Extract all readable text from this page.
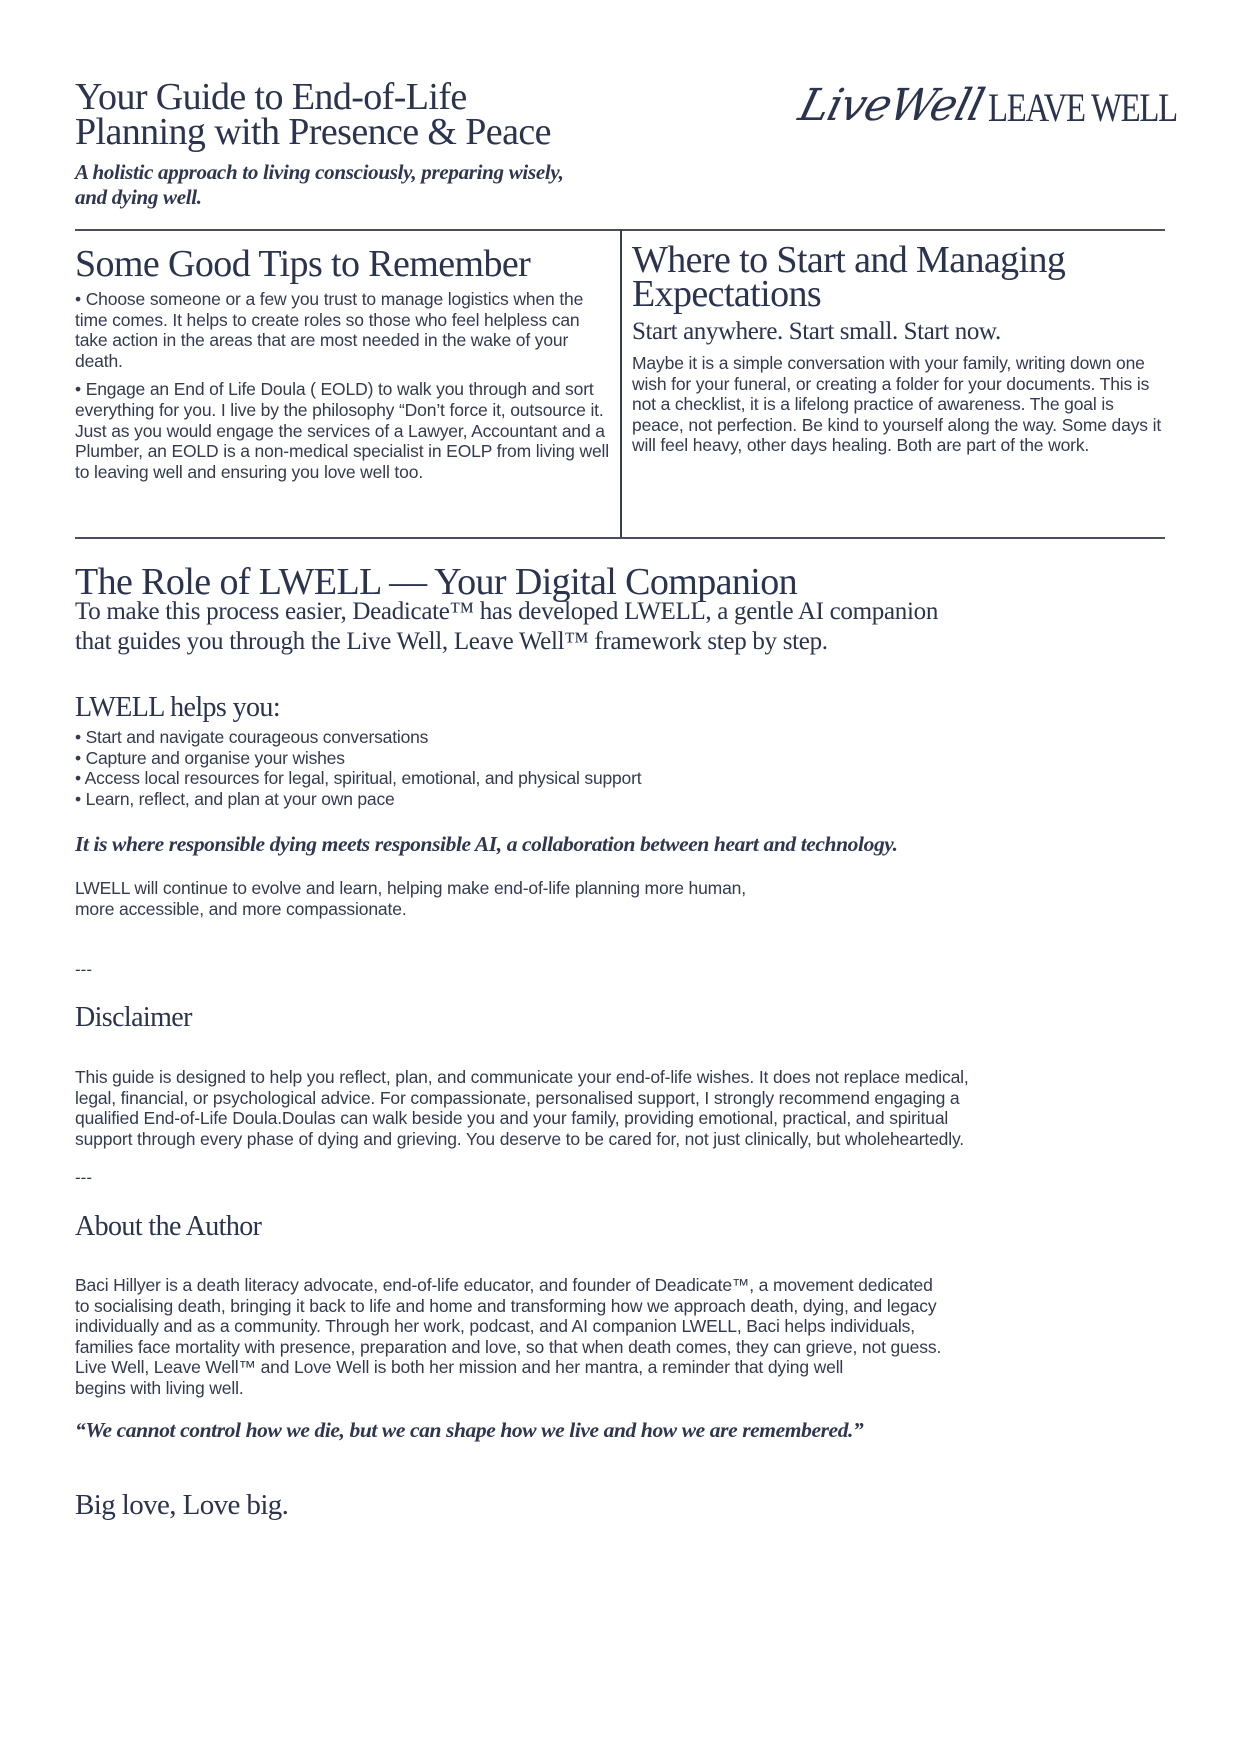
Your Guide to End-of-Life
Planning with Presence & Peace
A holistic approach to living consciously, preparing wisely,
and dying well.
LiveWell LEAVE WELL
Some Good Tips to Remember

• Choose someone or a few you trust to manage logistics when the time comes. It helps to create roles so those who feel helpless can take action in the areas that are most needed in the wake of your death.

• Engage an End of Life Doula ( EOLD) to walk you through and sort everything for you. I live by the philosophy “Don’t force it, outsource it. Just as you would engage the services of a Lawyer, Accountant and a Plumber, an EOLD is a non-medical specialist in EOLP from living well to leaving well and ensuring you love well too.

Where to Start and Managing
Expectations
Start anywhere. Start small. Start now.

Maybe it is a simple conversation with your family, writing down one wish for your funeral, or creating a folder for your documents. This is not a checklist, it is a lifelong practice of awareness. The goal is peace, not perfection. Be kind to yourself along the way. Some days it will feel heavy, other days healing. Both are part of the work.

The Role of LWELL — Your Digital Companion
To make this process easier, Deadicate™ has developed LWELL, a gentle AI companion
that guides you through the Live Well, Leave Well™ framework step by step.
LWELL helps you:
• Start and navigate courageous conversations
• Capture and organise your wishes
• Access local resources for legal, spiritual, emotional, and physical support
• Learn, reflect, and plan at your own pace
It is where responsible dying meets responsible AI, a collaboration between heart and technology.
LWELL will continue to evolve and learn, helping make end-of-life planning more human,
more accessible, and more compassionate.
---
Disclaimer
This guide is designed to help you reflect, plan, and communicate your end-of-life wishes. It does not replace medical,
legal, financial, or psychological advice. For compassionate, personalised support, I strongly recommend engaging a
qualified End-of-Life Doula.Doulas can walk beside you and your family, providing emotional, practical, and spiritual
support through every phase of dying and grieving. You deserve to be cared for, not just clinically, but wholeheartedly.
---
About the Author
Baci Hillyer is a death literacy advocate, end-of-life educator, and founder of Deadicate™, a movement dedicated
to socialising death, bringing it back to life and home and transforming how we approach death, dying, and legacy
individually and as a community. Through her work, podcast, and AI companion LWELL, Baci helps individuals,
families face mortality with presence, preparation and love, so that when death comes, they can grieve, not guess.
Live Well, Leave Well™ and Love Well is both her mission and her mantra, a reminder that dying well
begins with living well.
“We cannot control how we die, but we can shape how we live and how we are remembered.”
Big love, Love big.
